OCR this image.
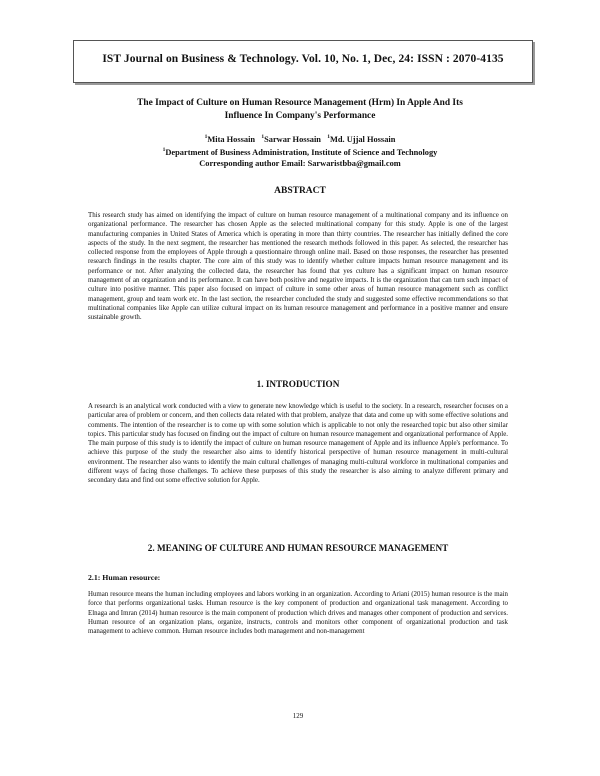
IST Journal on Business & Technology. Vol. 10, No. 1, Dec, 24: ISSN : 2070-4135
The Impact of Culture on Human Resource Management (Hrm) In Apple And Its
Influence In Company's Performance
$^1$Mita Hossain $^1$Sarwar Hossain $^1$Md. Ujjal Hossain
$^1$Department of Business Administration, Institute of Science and Technology
Corresponding author Email: Sarwaristbba@gmail.com
ABSTRACT
This research study has aimed on identifying the impact of culture on human resource management of a multinational company and its influence on organizational performance. The researcher has chosen Apple as the selected multinational company for this study. Apple is one of the largest manufacturing companies in United States of America which is operating in more than thirty countries. The researcher has initially defined the core aspects of the study. In the next segment, the researcher has mentioned the research methods followed in this paper. As selected, the researcher has collected response from the employees of Apple through a questionnaire through online mail. Based on those responses, the researcher has presented research findings in the results chapter. The core aim of this study was to identify whether culture impacts human resource management and its performance or not. After analyzing the collected data, the researcher has found that yes culture has a significant impact on human resource management of an organization and its performance. It can have both positive and negative impacts. It is the organization that can turn such impact of culture into positive manner. This paper also focused on impact of culture in some other areas of human resource management such as conflict management, group and team work etc. In the last section, the researcher concluded the study and suggested some effective recommendations so that multinational companies like Apple can utilize cultural impact on its human resource management and performance in a positive manner and ensure sustainable growth.
1. INTRODUCTION
A research is an analytical work conducted with a view to generate new knowledge which is useful to the society. In a research, researcher focuses on a particular area of problem or concern, and then collects data related with that problem, analyze that data and come up with some effective solutions and comments. The intention of the researcher is to come up with some solution which is applicable to not only the researched topic but also other similar topics. This particular study has focused on finding out the impact of culture on human resource management and organizational performance of Apple. The main purpose of this study is to identify the impact of culture on human resource management of Apple and its influence Apple's performance. To achieve this purpose of the study the researcher also aims to identify historical perspective of human resource management in multi-cultural environment. The researcher also wants to identify the main cultural challenges of managing multi-cultural workforce in multinational companies and different ways of facing those challenges. To achieve these purposes of this study the researcher is also aiming to analyze different primary and secondary data and find out some effective solution for Apple.
2. MEANING OF CULTURE AND HUMAN RESOURCE MANAGEMENT
2.1: Human resource:
Human resource means the human including employees and labors working in an organization. According to Ariani (2015) human resource is the main force that performs organizational tasks. Human resource is the key component of production and organizational task management. According to Elnaga and Imran (2014) human resource is the main component of production which drives and manages other component of production and services. Human resource of an organization plans, organize, instructs, controls and monitors other component of organizational production and task management to achieve common. Human resource includes both management and non-management
129
